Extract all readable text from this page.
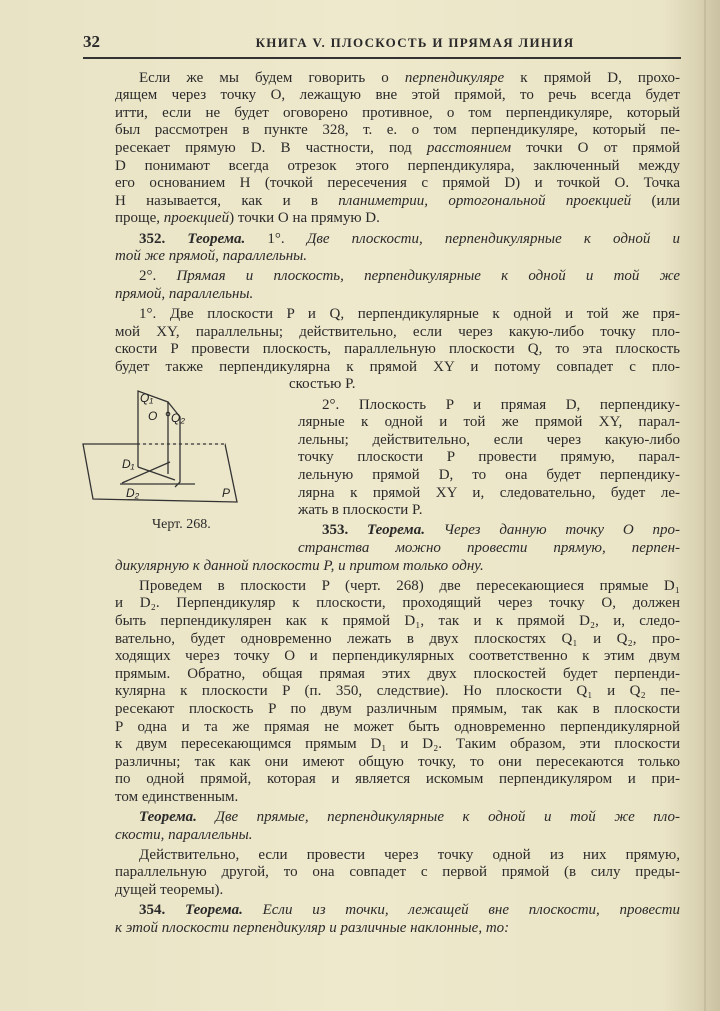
32	КНИГА V. ПЛОСКОСТЬ И ПРЯМАЯ ЛИНИЯ
Q₁
O Q₂
D₁
D₂	P
Черт. 268.
Если же мы будем говорить о перпендикуляре к прямой D, прохо-
дящем через точку O, лежащую вне этой прямой, то речь всегда будет
итти, если не будет оговорено противное, о том перпендикуляре, который
был рассмотрен в пункте 328, т. е. о том перпендикуляре, который пе-
ресекает прямую D. В частности, под расстоянием точки O от прямой
D понимают всегда отрезок этого перпендикуляра, заключенный между
его основанием H (точкой пересечения с прямой D) и точкой O. Точка
H называется, как и в планиметрии, ортогональной проекцией (или
проще, проекцией) точки O на прямую D.
352. Теорема. 1°. Две плоскости, перпендикулярные к одной и
той же прямой, параллельны.
2°. Прямая и плоскость, перпендикулярные к одной и той же
прямой, параллельны.
1°. Две плоскости P и Q, перпендикулярные к одной и той же пря-
мой XY, параллельны; действительно, если через какую-либо точку пло-
скости P провести плоскость, параллельную плоскости Q, то эта плоскость
будет также перпендикулярна к прямой XY и потому совпадет с пло-
скостью P.
2°. Плоскость P и прямая D, перпендику-
лярные к одной и той же прямой XY, парал-
лельны; действительно, если через какую-либо
точку плоскости P провести прямую, парал-
лельную прямой D, то она будет перпендику-
лярна к прямой XY и, следовательно, будет ле-
жать в плоскости P.
353. Теорема. Через данную точку O про-
странства можно провести прямую, перпен-
дикулярную к данной плоскости P, и притом только одну.
Проведем в плоскости P (черт. 268) две пересекающиеся прямые D₁
и D₂. Перпендикуляр к плоскости, проходящий через точку O, должен
быть перпендикулярен как к прямой D₁, так и к прямой D₂, и, следо-
вательно, будет одновременно лежать в двух плоскостях Q₁ и Q₂, про-
ходящих через точку O и перпендикулярных соответственно к этим двум
прямым. Обратно, общая прямая этих двух плоскостей будет перпенди-
кулярна к плоскости P (п. 350, следствие). Но плоскости Q₁ и Q₂ пе-
ресекают плоскость P по двум различным прямым, так как в плоскости
P одна и та же прямая не может быть одновременно перпендикулярной
к двум пересекающимся прямым D₁ и D₂. Таким образом, эти плоскости
различны; так как они имеют общую точку, то они пересекаются только
по одной прямой, которая и является искомым перпендикуляром и при-
том единственным.
Теорема. Две прямые, перпендикулярные к одной и той же пло-
скости, параллельны.
Действительно, если провести через точку одной из них прямую,
параллельную другой, то она совпадет с первой прямой (в силу преды-
дущей теоремы).
354. Теорема. Если из точки, лежащей вне плоскости, провести
к этой плоскости перпендикуляр и различные наклонные, то:
